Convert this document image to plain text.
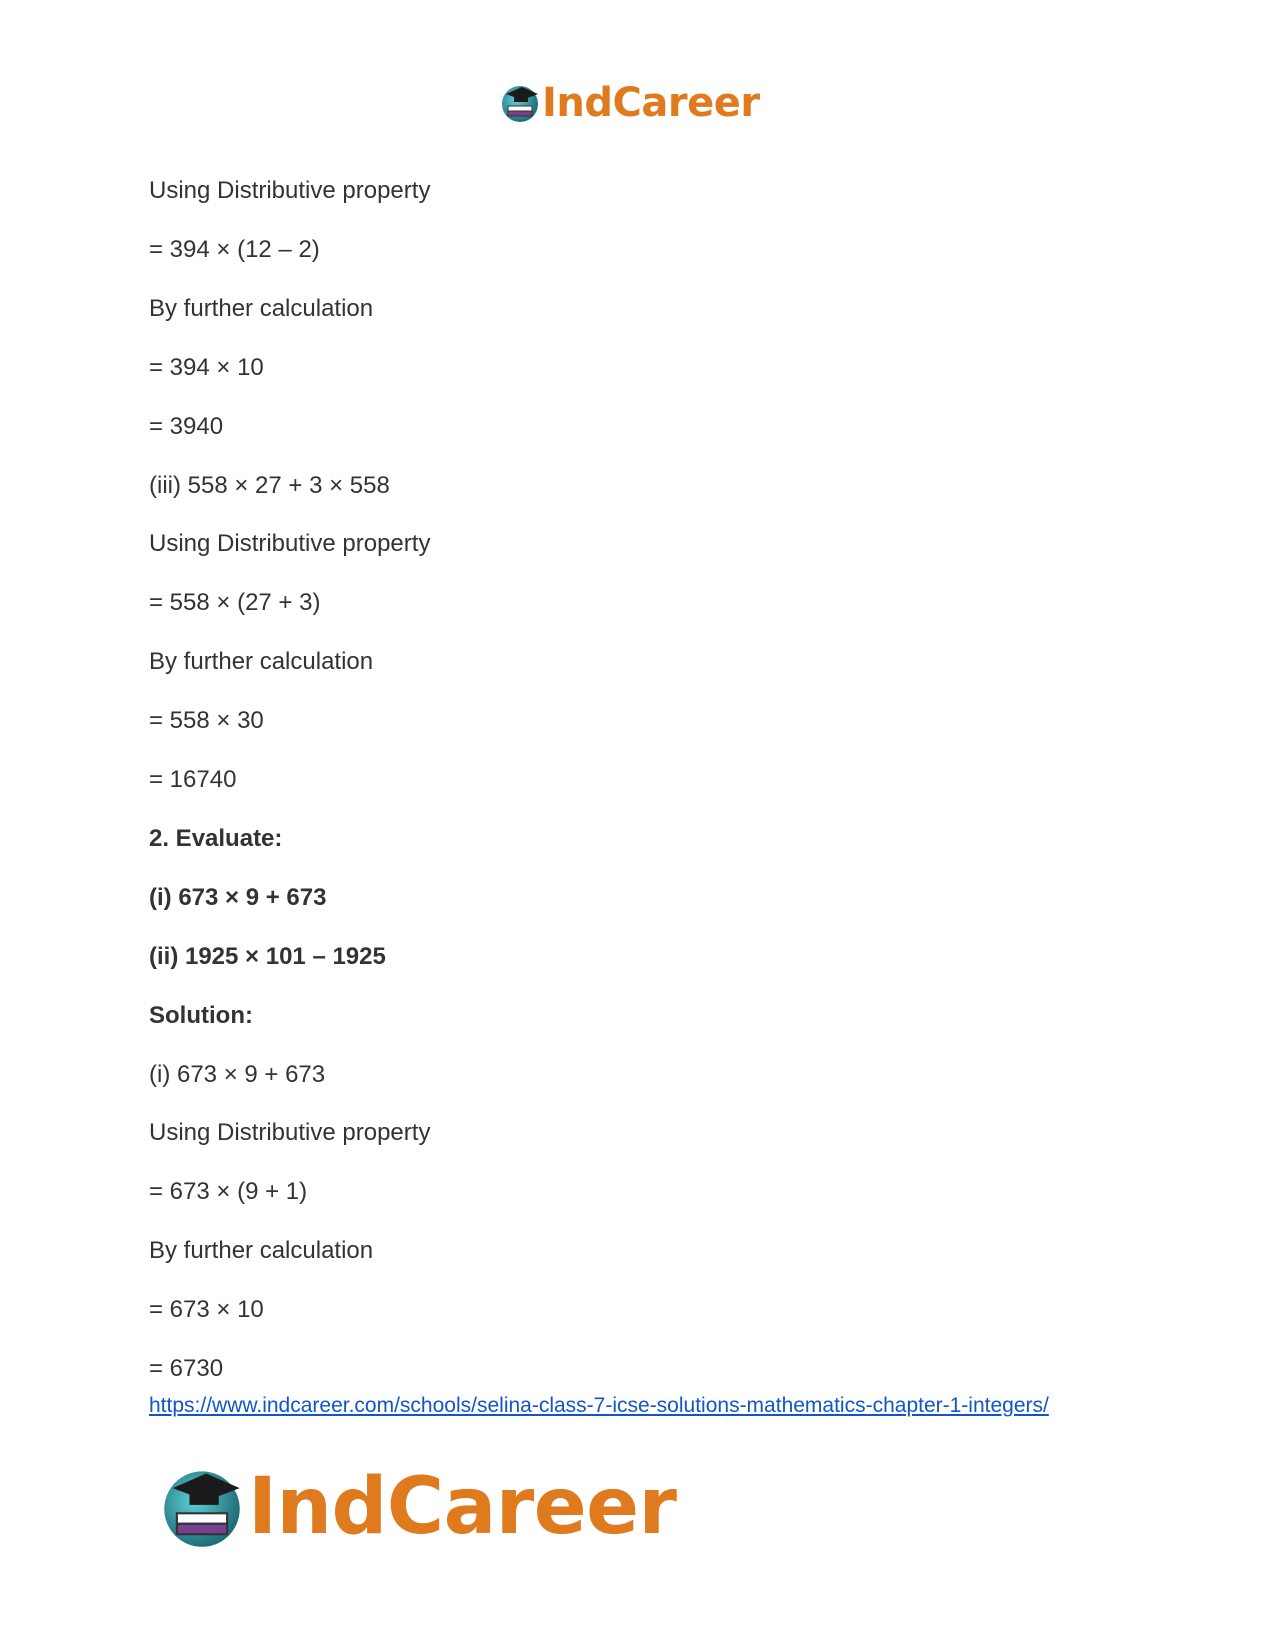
IndCareer
Using Distributive property
= 394 × (12 – 2)
By further calculation
= 394 × 10
= 3940
(iii) 558 × 27 + 3 × 558
Using Distributive property
= 558 × (27 + 3)
By further calculation
= 558 × 30
= 16740
2. Evaluate:
(i) 673 × 9 + 673
(ii) 1925 × 101 – 1925
Solution:
(i) 673 × 9 + 673
Using Distributive property
= 673 × (9 + 1)
By further calculation
= 673 × 10
= 6730
https://www.indcareer.com/schools/selina-class-7-icse-solutions-mathematics-chapter-1-integers/
IndCareer
